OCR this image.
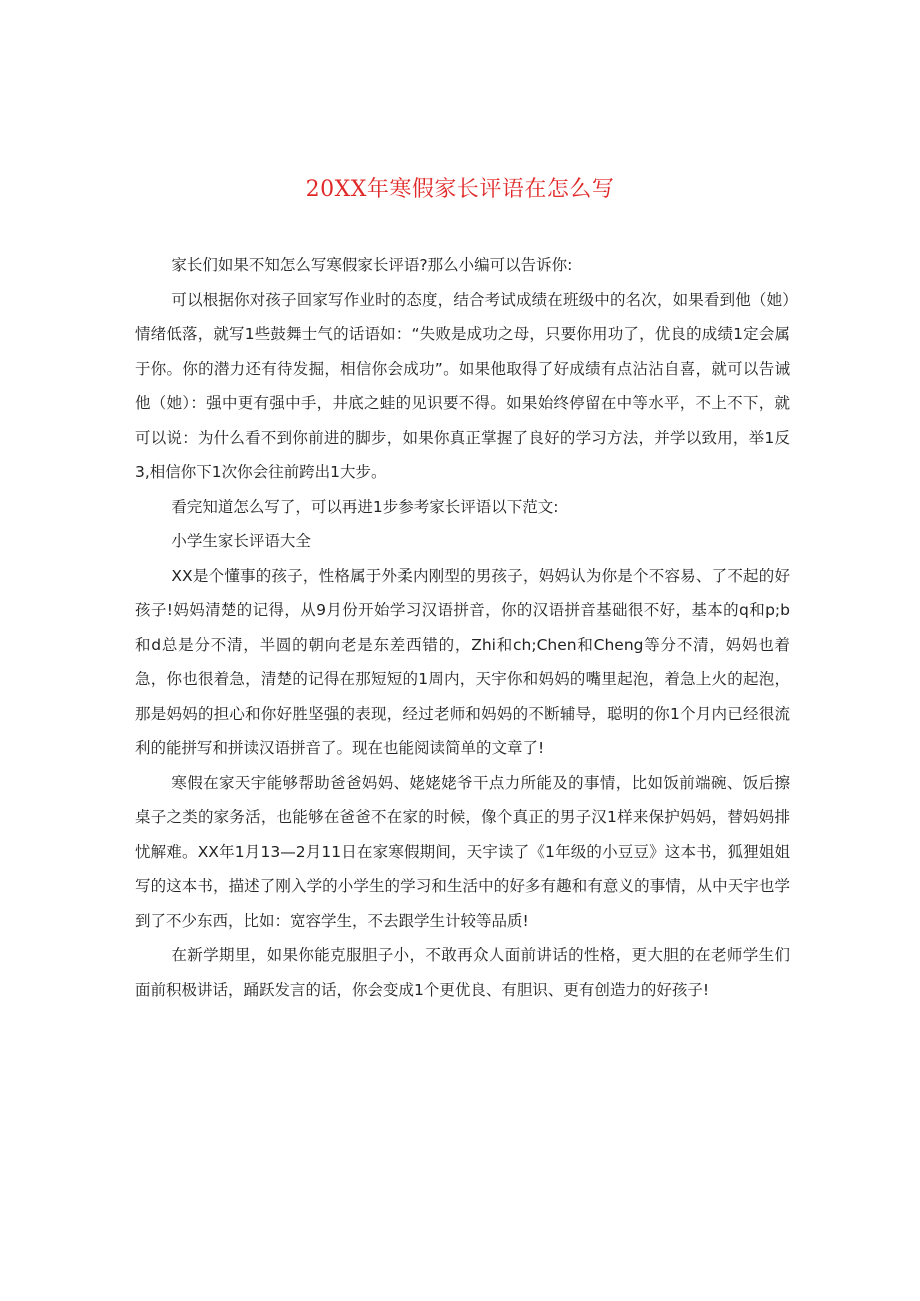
20XX年寒假家长评语在怎么写

家长们如果不知怎么写寒假家长评语?那么小编可以告诉你:

可以根据你对孩子回家写作业时的态度，结合考试成绩在班级中的名次，如果看到他（她）情绪低落，就写1些鼓舞士气的话语如：“失败是成功之母，只要你用功了，优良的成绩1定会属于你。你的潜力还有待发掘，相信你会成功”。如果他取得了好成绩有点沾沾自喜，就可以告诫他（她）：强中更有强中手，井底之蛙的见识要不得。如果始终停留在中等水平，不上不下，就可以说：为什么看不到你前进的脚步，如果你真正掌握了良好的学习方法，并学以致用，举1反3,相信你下1次你会往前跨出1大步。

看完知道怎么写了，可以再进1步参考家长评语以下范文:

小学生家长评语大全

XX是个懂事的孩子，性格属于外柔内刚型的男孩子，妈妈认为你是个不容易、了不起的好孩子!妈妈清楚的记得，从9月份开始学习汉语拼音，你的汉语拼音基础很不好，基本的q和p;b和d总是分不清，半圆的朝向老是东差西错的，Zhi和ch;Chen和Cheng等分不清，妈妈也着急，你也很着急，清楚的记得在那短短的1周内，天宇你和妈妈的嘴里起泡，着急上火的起泡，那是妈妈的担心和你好胜坚强的表现，经过老师和妈妈的不断辅导，聪明的你1个月内已经很流利的能拼写和拼读汉语拼音了。现在也能阅读简单的文章了!

寒假在家天宇能够帮助爸爸妈妈、姥姥姥爷干点力所能及的事情，比如饭前端碗、饭后擦桌子之类的家务活，也能够在爸爸不在家的时候，像个真正的男子汉1样来保护妈妈，替妈妈排忧解难。XX年1月13—2月11日在家寒假期间，天宇读了《1年级的小豆豆》这本书，狐狸姐姐写的这本书，描述了刚入学的小学生的学习和生活中的好多有趣和有意义的事情，从中天宇也学到了不少东西，比如：宽容学生，不去跟学生计较等品质!

在新学期里，如果你能克服胆子小，不敢再众人面前讲话的性格，更大胆的在老师学生们面前积极讲话，踊跃发言的话，你会变成1个更优良、有胆识、更有创造力的好孩子!
